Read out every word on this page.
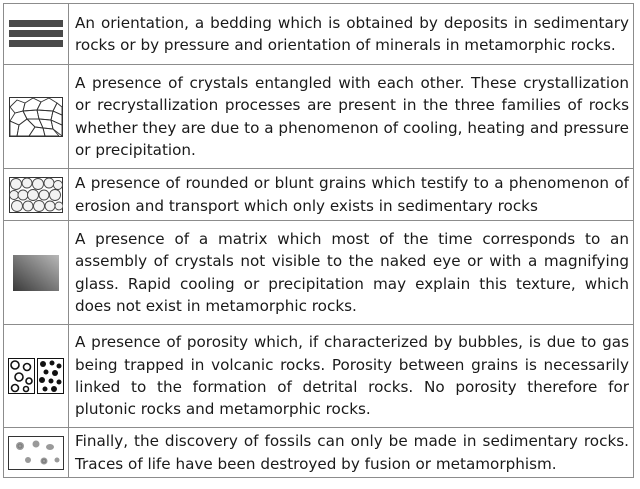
	An orientation, a bedding which is obtained by deposits in sedimentary rocks or by pressure and orientation of minerals in metamorphic rocks.

	A presence of crystals entangled with each other. These crystallization or recrystallization processes are present in the three families of rocks whether they are due to a phenomenon of cooling, heating and pressure or precipitation.

	A presence of rounded or blunt grains which testify to a phenomenon of erosion and transport which only exists in sedimentary rocks

	A presence of a matrix which most of the time corresponds to an assembly of crystals not visible to the naked eye or with a magnifying glass. Rapid cooling or precipitation may explain this texture, which does not exist in metamorphic rocks.

	A presence of porosity which, if characterized by bubbles, is due to gas being trapped in volcanic rocks. Porosity between grains is necessarily linked to the formation of detrital rocks. No porosity therefore for plutonic rocks and metamorphic rocks.

	Finally, the discovery of fossils can only be made in sedimentary rocks. Traces of life have been destroyed by fusion or metamorphism.
